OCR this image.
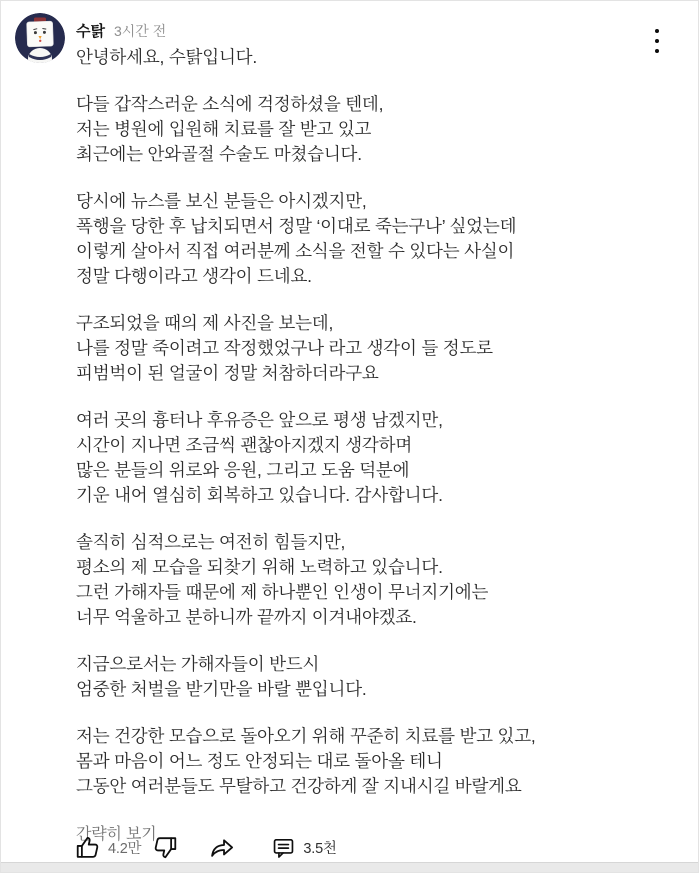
수탉 3시간 전
안녕하세요, 수탉입니다.
다들 갑작스러운 소식에 걱정하셨을 텐데,
저는 병원에 입원해 치료를 잘 받고 있고
최근에는 안와골절 수술도 마쳤습니다.
당시에 뉴스를 보신 분들은 아시겠지만,
폭행을 당한 후 납치되면서 정말 ‘이대로 죽는구나’ 싶었는데
이렇게 살아서 직접 여러분께 소식을 전할 수 있다는 사실이
정말 다행이라고 생각이 드네요.
구조되었을 때의 제 사진을 보는데,
나를 정말 죽이려고 작정했었구나 라고 생각이 들 정도로
피범벅이 된 얼굴이 정말 처참하더라구요
여러 곳의 흉터나 후유증은 앞으로 평생 남겠지만,
시간이 지나면 조금씩 괜찮아지겠지 생각하며
많은 분들의 위로와 응원, 그리고 도움 덕분에
기운 내어 열심히 회복하고 있습니다. 감사합니다.
솔직히 심적으로는 여전히 힘들지만,
평소의 제 모습을 되찾기 위해 노력하고 있습니다.
그런 가해자들 때문에 제 하나뿐인 인생이 무너지기에는
너무 억울하고 분하니까 끝까지 이겨내야겠죠.
지금으로서는 가해자들이 반드시
엄중한 처벌을 받기만을 바랄 뿐입니다.
저는 건강한 모습으로 돌아오기 위해 꾸준히 치료를 받고 있고,
몸과 마음이 어느 정도 안정되는 대로 돌아올 테니
그동안 여러분들도 무탈하고 건강하게 잘 지내시길 바랄게요
간략히 보기
4.2만	3.5천
